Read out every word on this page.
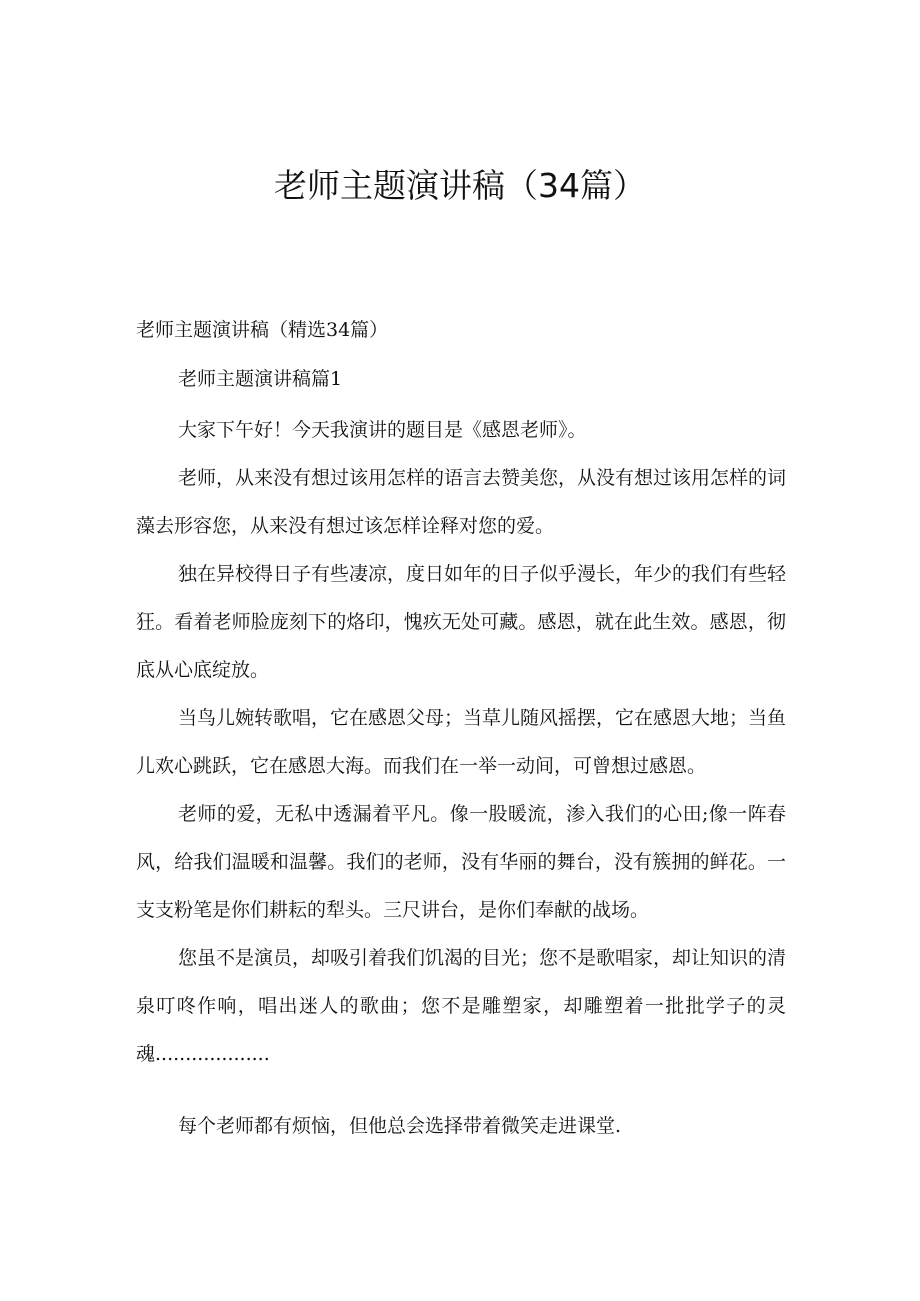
老师主题演讲稿（34篇）
老师主题演讲稿（精选34篇）
老师主题演讲稿篇1

大家下午好！今天我演讲的题目是《感恩老师》。

老师，从来没有想过该用怎样的语言去赞美您，从没有想过该用怎样的词藻去形容您，从来没有想过该怎样诠释对您的爱。

独在异校得日子有些凄凉，度日如年的日子似乎漫长，年少的我们有些轻狂。看着老师脸庞刻下的烙印，愧疚无处可藏。感恩，就在此生效。感恩，彻底从心底绽放。

当鸟儿婉转歌唱，它在感恩父母；当草儿随风摇摆，它在感恩大地；当鱼儿欢心跳跃，它在感恩大海。而我们在一举一动间，可曾想过感恩。

老师的爱，无私中透漏着平凡。像一股暖流，渗入我们的心田;像一阵春风，给我们温暖和温馨。我们的老师，没有华丽的舞台，没有簇拥的鲜花。一支支粉笔是你们耕耘的犁头。三尺讲台，是你们奉献的战场。

您虽不是演员，却吸引着我们饥渴的目光；您不是歌唱家，却让知识的清泉叮咚作响，唱出迷人的歌曲；您不是雕塑家，却雕塑着一批批学子的灵魂...................

每个老师都有烦恼，但他总会选择带着微笑走进课堂.
